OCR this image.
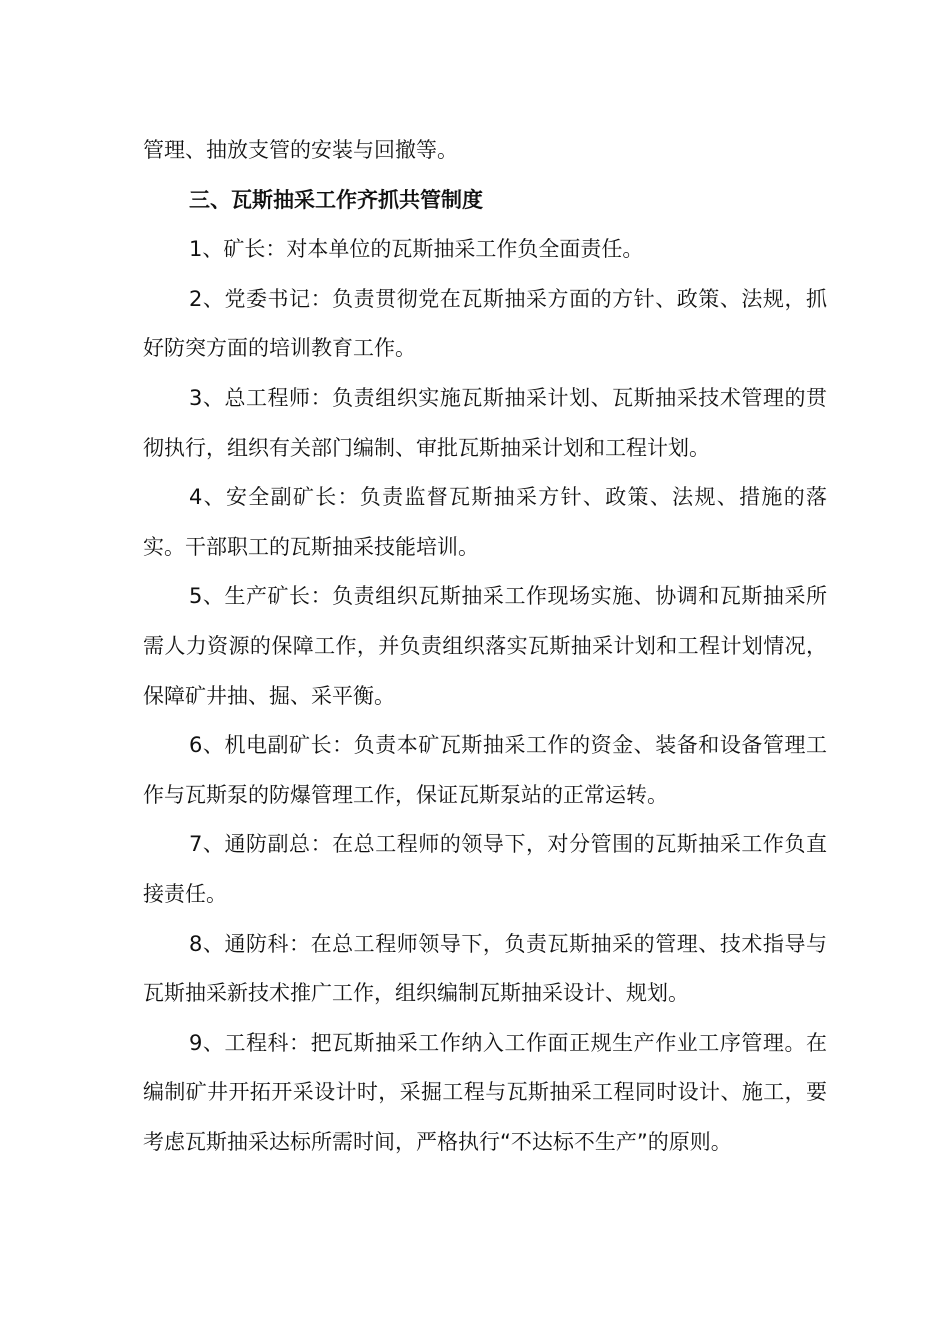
管理、抽放支管的安装与回撤等。

三、瓦斯抽采工作齐抓共管制度

1、矿长：对本单位的瓦斯抽采工作负全面责任。

2、党委书记：负责贯彻党在瓦斯抽采方面的方针、政策、法规，抓好防突方面的培训教育工作。

3、总工程师：负责组织实施瓦斯抽采计划、瓦斯抽采技术管理的贯彻执行，组织有关部门编制、审批瓦斯抽采计划和工程计划。

4、安全副矿长：负责监督瓦斯抽采方针、政策、法规、措施的落实。干部职工的瓦斯抽采技能培训。

5、生产矿长：负责组织瓦斯抽采工作现场实施、协调和瓦斯抽采所需人力资源的保障工作，并负责组织落实瓦斯抽采计划和工程计划情况，保障矿井抽、掘、采平衡。

6、机电副矿长：负责本矿瓦斯抽采工作的资金、装备和设备管理工作与瓦斯泵的防爆管理工作，保证瓦斯泵站的正常运转。

7、通防副总：在总工程师的领导下，对分管围的瓦斯抽采工作负直接责任。

8、通防科：在总工程师领导下，负责瓦斯抽采的管理、技术指导与瓦斯抽采新技术推广工作，组织编制瓦斯抽采设计、规划。

9、工程科：把瓦斯抽采工作纳入工作面正规生产作业工序管理。在编制矿井开拓开采设计时，采掘工程与瓦斯抽采工程同时设计、施工，要考虑瓦斯抽采达标所需时间，严格执行“不达标不生产”的原则。
